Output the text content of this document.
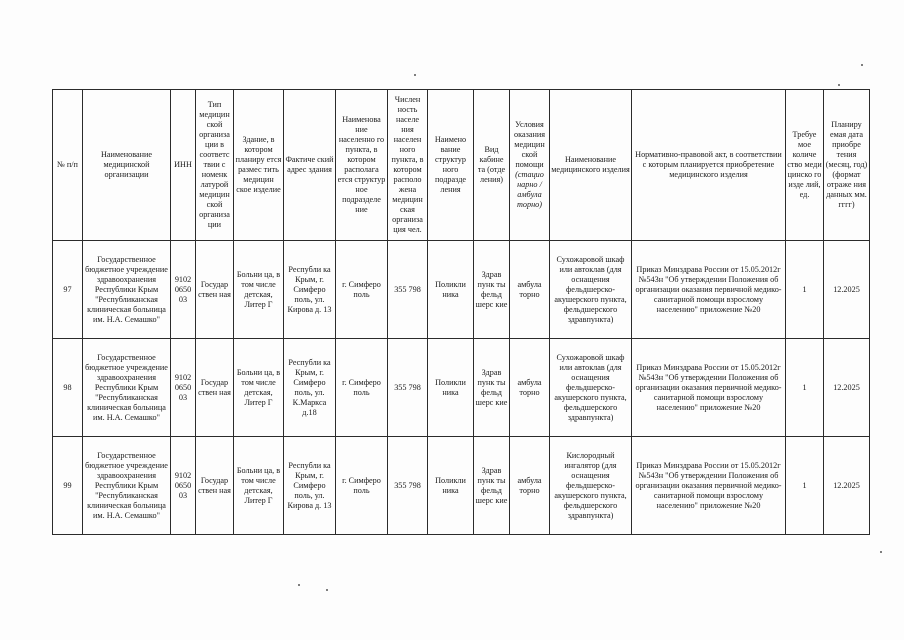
№ п/п	Наименование медицинской организации	ИНН	Тип медицин ской организа ции в соответс твии с номенк латурой медицин ской организа ции	Здание, в котором планиру ется размес тить медицин ское изделие	Фактиче ский адрес здания	Наименова ние населенно го пункта, в котором располага ется структур ное подразделе ние	Числен ность населе ния населен ного пункта, в котором располо жена медицин ская организа ция чел.	Наимено вание структур ного подразде ления	Вид кабине та (отде ления)	Условия оказания медицин ской помощи (стацио нарно / амбула торно)	Наименование медицинского изделия	Нормативно-правовой акт, в соответствии с которым планируется приобретение медицинского изделия	Требуе мое количе ство меди цинско го изде лий, ед.	Планиру емая дата приобре тения (месяц, год) (формат отраже ния данных мм. гггг)
97	Государственное бюджетное учреждение здравоохранения Республики Крым "Республиканская клиническая больница им. Н.А. Семашко"	9102 0650 03	Государ ствен ная	Больни ца, в том числе детская, Литер Г	Республи ка Крым, г. Симферо поль, ул. Кирова д. 13	г. Симферо поль	355 798	Поликли ника	Здрав пунк ты фельд шерс кие	амбула торно	Сухожаровой шкаф или автоклав (для оснащения фельдшерско-акушерского пункта, фельдшерского здравпункта)	Приказ Минздрава России от 15.05.2012г №543н "Об утверждении Положения об организации оказания первичной медико-санитарной помощи взрослому населению" приложение №20	1	12.2025
98	Государственное бюджетное учреждение здравоохранения Республики Крым "Республиканская клиническая больница им. Н.А. Семашко"	9102 0650 03	Государ ствен ная	Больни ца, в том числе детская, Литер Г	Республи ка Крым, г. Симферо поль, ул. К.Маркса д.18	г. Симферо поль	355 798	Поликли ника	Здрав пунк ты фельд шерс кие	амбула торно	Сухожаровой шкаф или автоклав (для оснащения фельдшерско-акушерского пункта, фельдшерского здравпункта)	Приказ Минздрава России от 15.05.2012г №543н "Об утверждении Положения об организации оказания первичной медико-санитарной помощи взрослому населению" приложение №20	1	12.2025
99	Государственное бюджетное учреждение здравоохранения Республики Крым "Республиканская клиническая больница им. Н.А. Семашко"	9102 0650 03	Государ ствен ная	Больни ца, в том числе детская, Литер Г	Республи ка Крым, г. Симферо поль, ул. Кирова д. 13	г. Симферо поль	355 798	Поликли ника	Здрав пунк ты фельд шерс кие	амбула торно	Кислородный ингалятор (для оснащения фельдшерско-акушерского пункта, фельдшерского здравпункта)	Приказ Минздрава России от 15.05.2012г №543н "Об утверждении Положения об организации оказания первичной медико-санитарной помощи взрослому населению" приложение №20	1	12.2025
